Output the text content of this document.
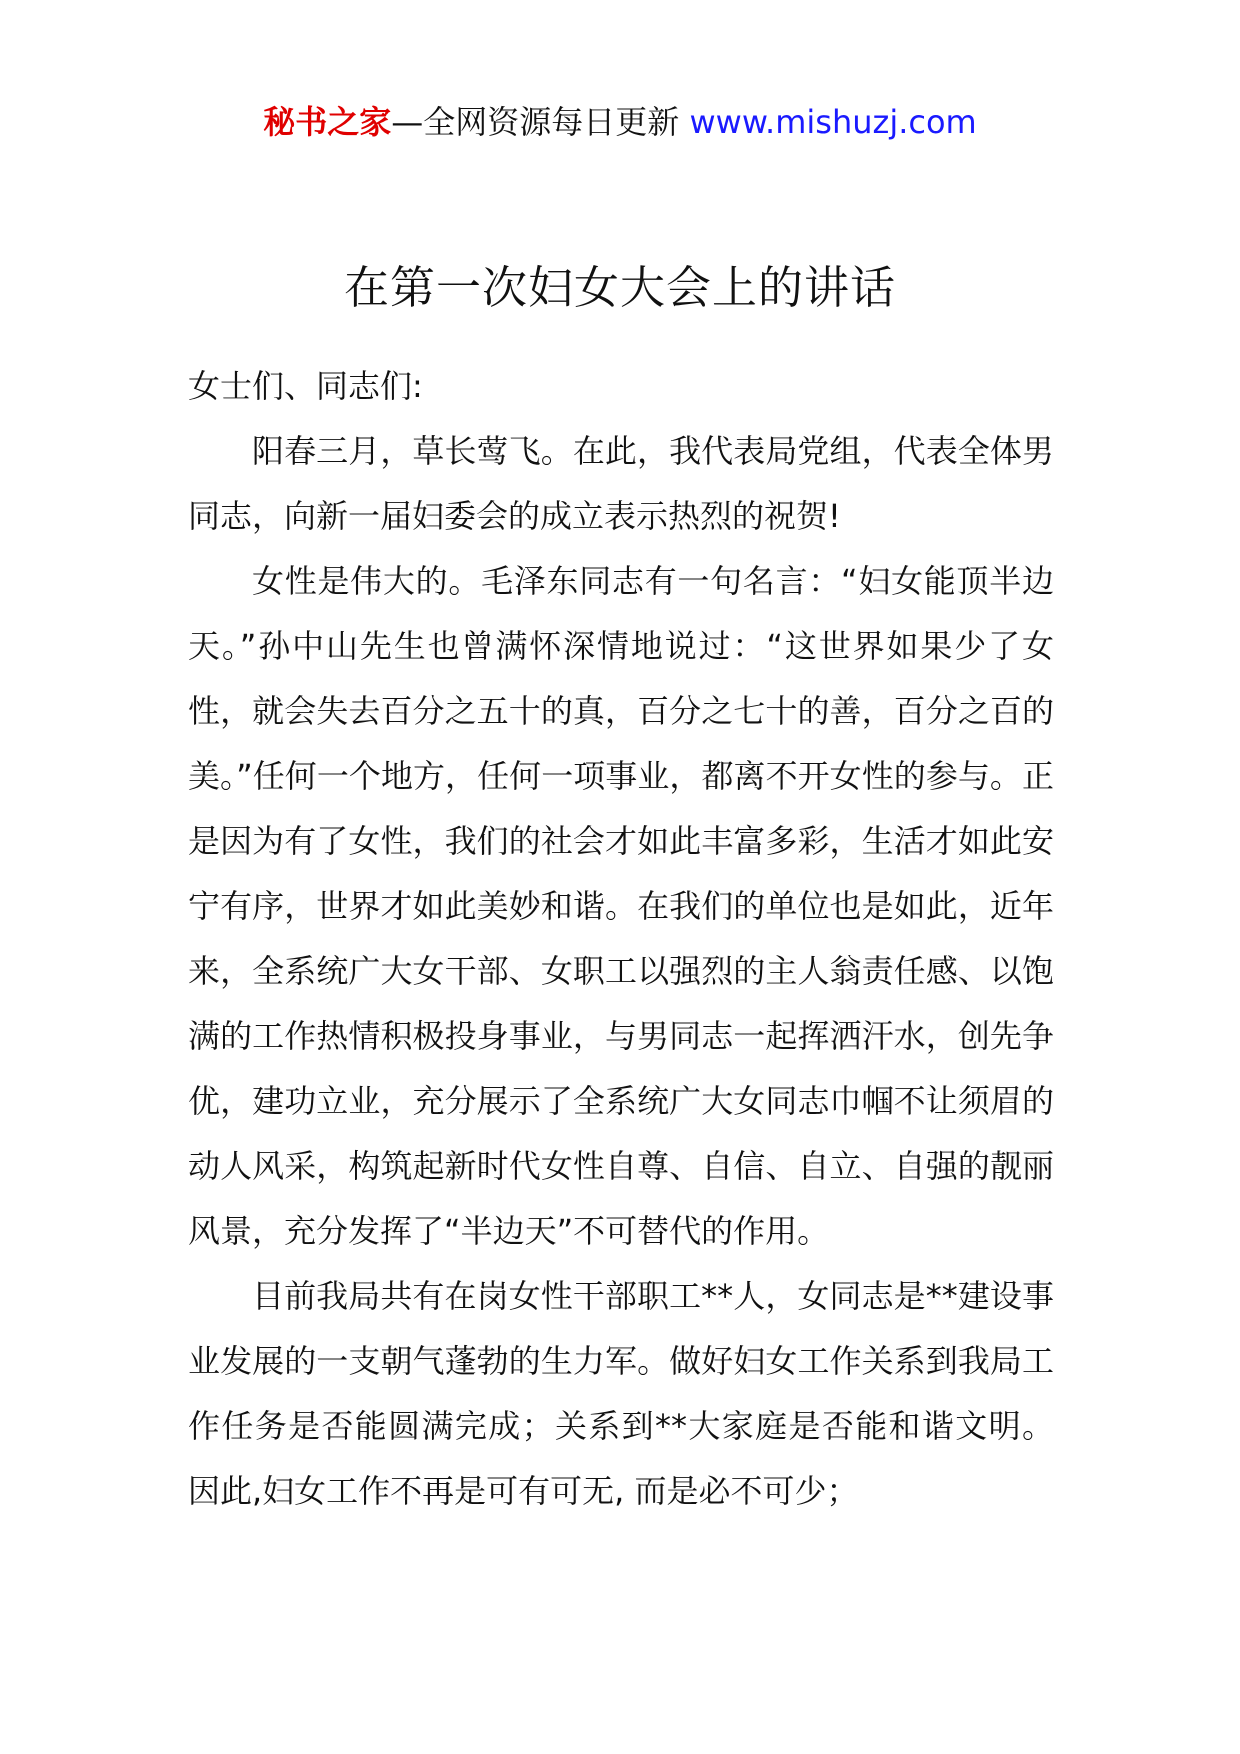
秘书之家—全网资源每日更新 www.mishuzj.com
在第一次妇女大会上的讲话

女士们、同志们:

阳春三月，草长莺飞。在此，我代表局党组，代表全体男同志，向新一届妇委会的成立表示热烈的祝贺!

女性是伟大的。毛泽东同志有一句名言：“妇女能顶半边天。”孙中山先生也曾满怀深情地说过：“这世界如果少了女性，就会失去百分之五十的真，百分之七十的善，百分之百的美。”任何一个地方，任何一项事业，都离不开女性的参与。正是因为有了女性，我们的社会才如此丰富多彩，生活才如此安宁有序，世界才如此美妙和谐。在我们的单位也是如此，近年来，全系统广大女干部、女职工以强烈的主人翁责任感、以饱满的工作热情积极投身事业，与男同志一起挥洒汗水，创先争优，建功立业，充分展示了全系统广大女同志巾帼不让须眉的动人风采，构筑起新时代女性自尊、自信、自立、自强的靓丽风景，充分发挥了“半边天”不可替代的作用。

目前我局共有在岗女性干部职工**人，女同志是**建设事业发展的一支朝气蓬勃的生力军。做好妇女工作关系到我局工作任务是否能圆满完成；关系到**大家庭是否能和谐文明。 因此,妇女工作不再是可有可无, 而是必不可少；
